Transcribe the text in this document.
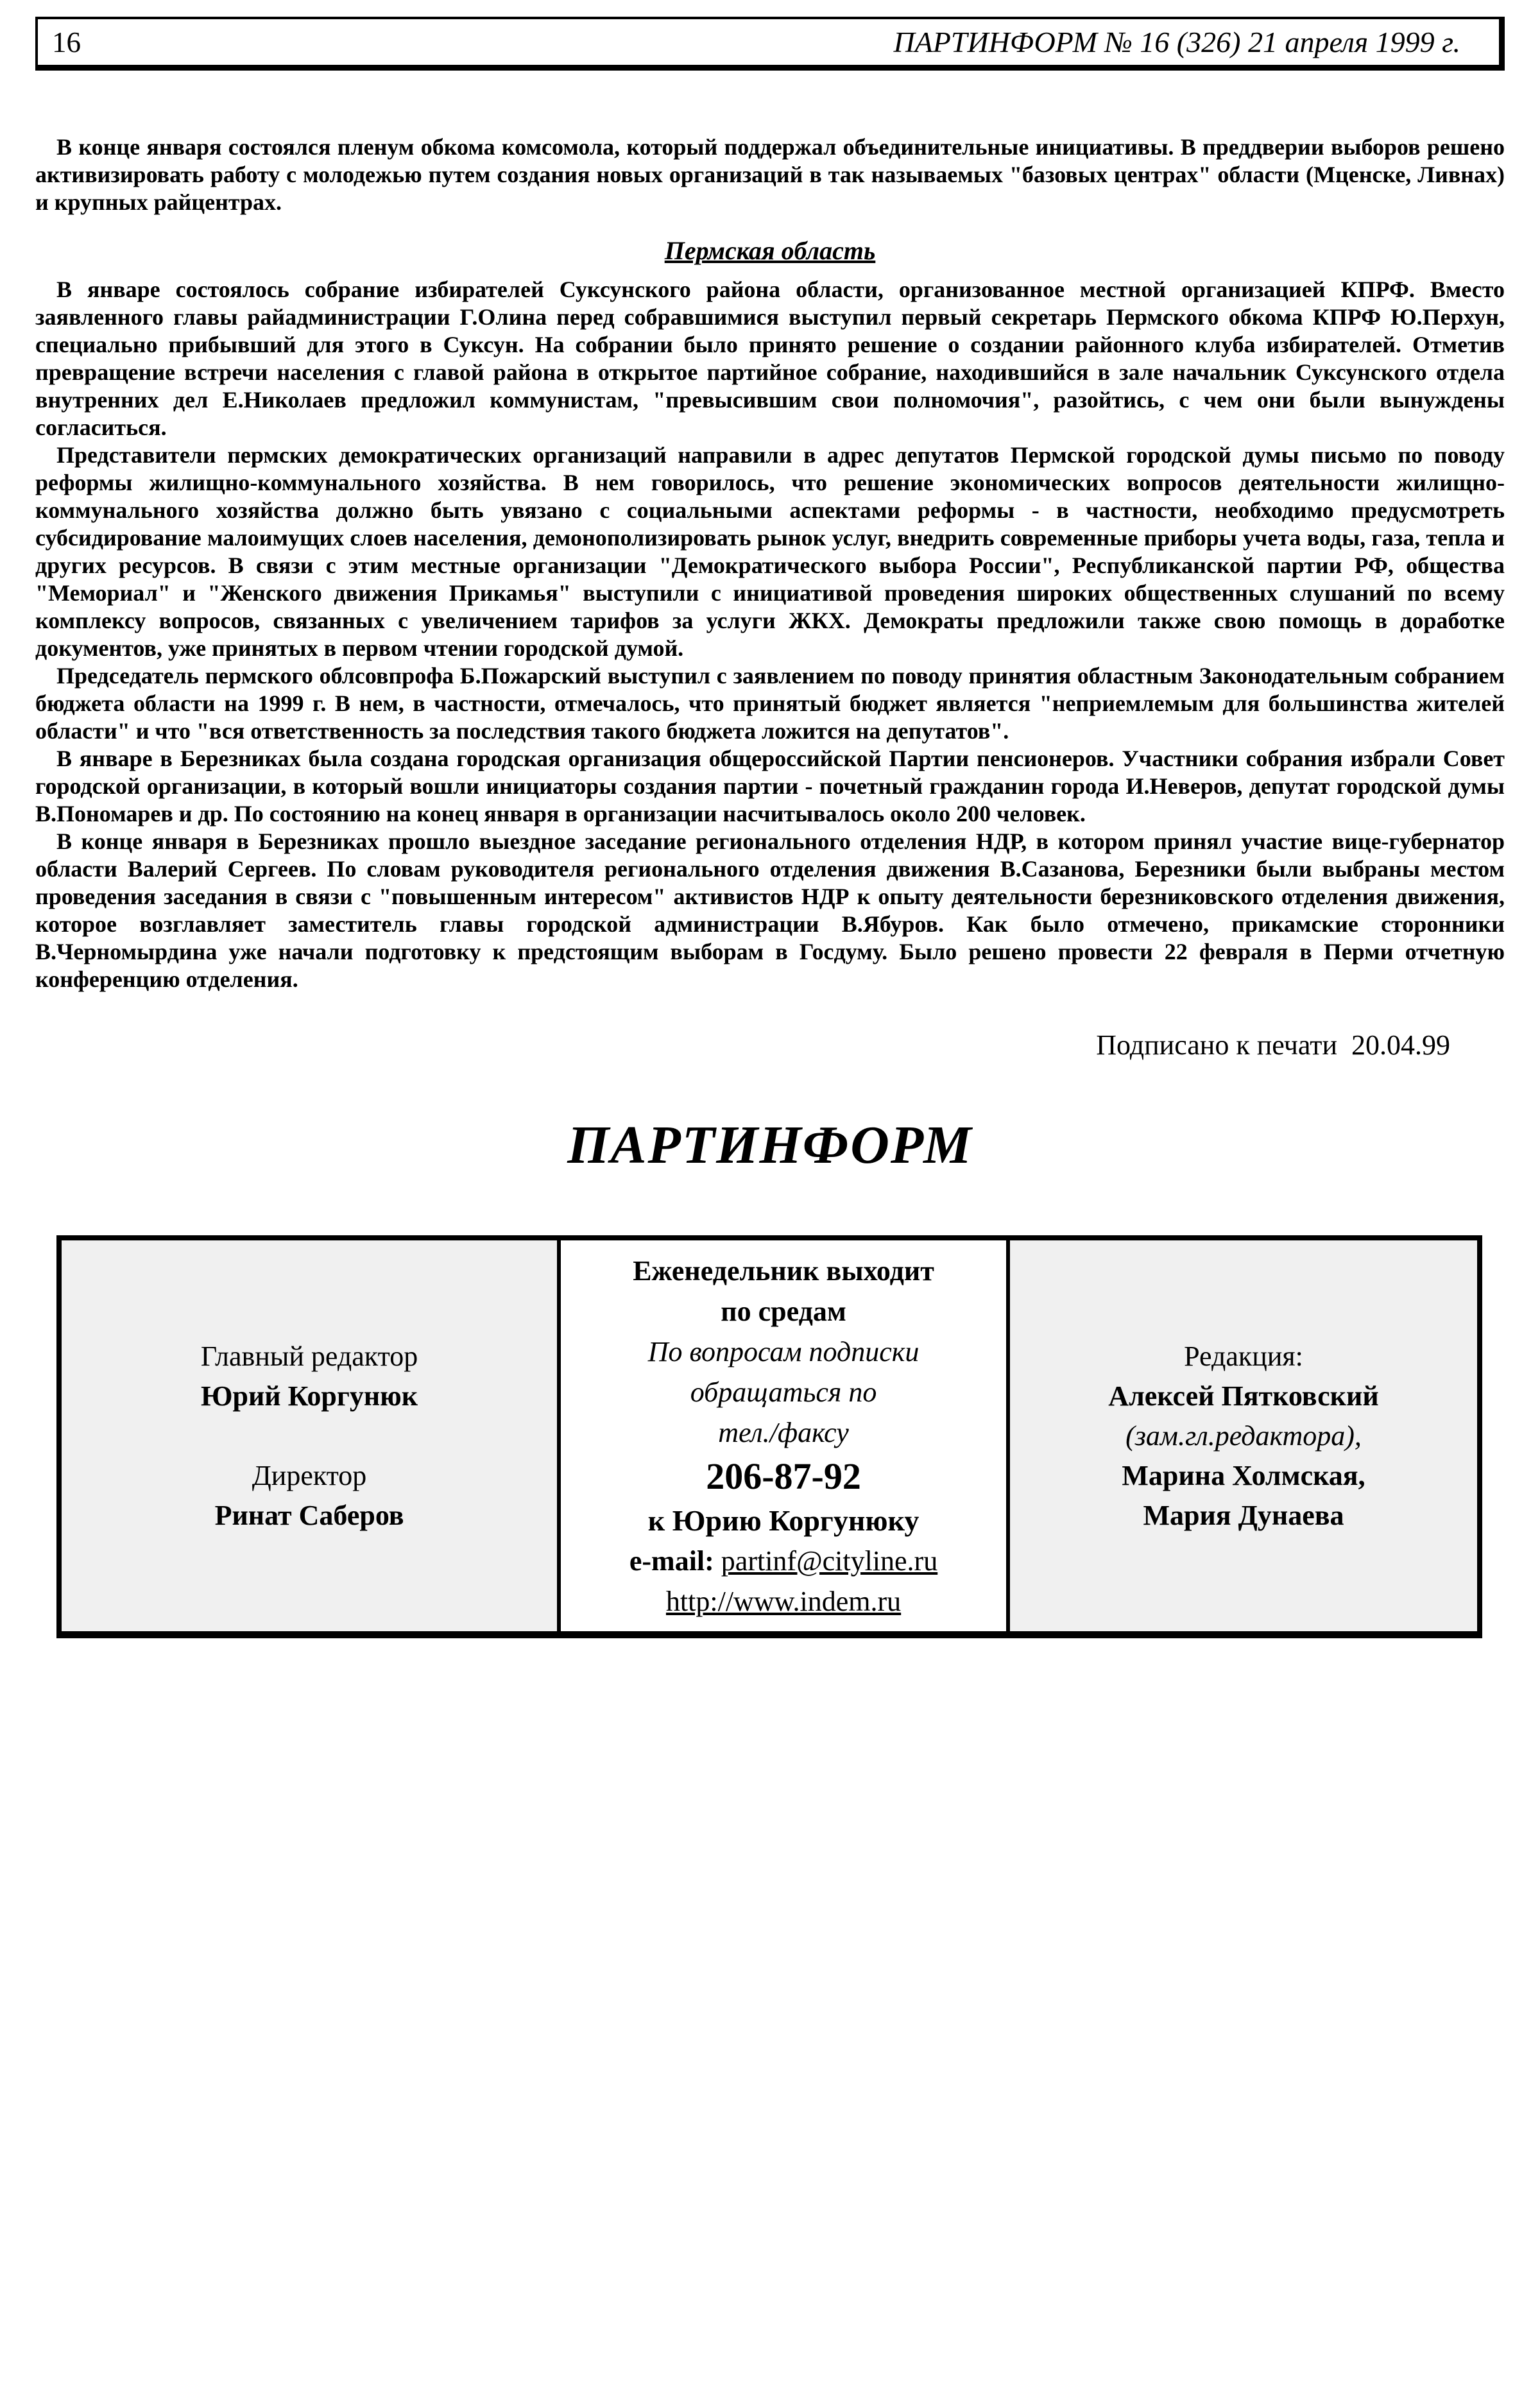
16	ПАРТИНФОРМ № 16 (326) 21 апреля 1999 г.

В конце января состоялся пленум обкома комсомола, который поддержал объединительные инициативы. В преддверии выборов решено активизировать работу с молодежью путем создания новых организаций в так называемых "базовых центрах" области (Мценске, Ливнах) и крупных райцентрах.

Пермская область

В январе состоялось собрание избирателей Суксунского района области, организованное местной организацией КПРФ. Вместо заявленного главы райадминистрации Г.Олина перед собравшимися выступил первый секретарь Пермского обкома КПРФ Ю.Перхун, специально прибывший для этого в Суксун. На собрании было принято решение о создании районного клуба избирателей. Отметив превращение встречи населения с главой района в открытое партийное собрание, находившийся в зале начальник Суксунского отдела внутренних дел Е.Николаев предложил коммунистам, "превысившим свои полномочия", разойтись, с чем они были вынуждены согласиться.

Представители пермских демократических организаций направили в адрес депутатов Пермской городской думы письмо по поводу реформы жилищно-коммунального хозяйства. В нем говорилось, что решение экономических вопросов деятельности жилищно-коммунального хозяйства должно быть увязано с социальными аспектами реформы - в частности, необходимо предусмотреть субсидирование малоимущих слоев населения, демонополизировать рынок услуг, внедрить современные приборы учета воды, газа, тепла и других ресурсов. В связи с этим местные организации "Демократического выбора России", Республиканской партии РФ, общества "Мемориал" и "Женского движения Прикамья" выступили с инициативой проведения широких общественных слушаний по всему комплексу вопросов, связанных с увеличением тарифов за услуги ЖКХ. Демократы предложили также свою помощь в доработке документов, уже принятых в первом чтении городской думой.

Председатель пермского облсовпрофа Б.Пожарский выступил с заявлением по поводу принятия областным Законодательным собранием бюджета области на 1999 г. В нем, в частности, отмечалось, что принятый бюджет является "неприемлемым для большинства жителей области" и что "вся ответственность за последствия такого бюджета ложится на депутатов".

В январе в Березниках была создана городская организация общероссийской Партии пенсионеров. Участники собрания избрали Совет городской организации, в который вошли инициаторы создания партии - почетный гражданин города И.Неверов, депутат городской думы В.Пономарев и др. По состоянию на конец января в организации насчитывалось около 200 человек.

В конце января в Березниках прошло выездное заседание регионального отделения НДР, в котором принял участие вице-губернатор области Валерий Сергеев. По словам руководителя регионального отделения движения В.Сазанова, Березники были выбраны местом проведения заседания в связи с "повышенным интересом" активистов НДР к опыту деятельности березниковского отделения движения, которое возглавляет заместитель главы городской администрации В.Ябуров. Как было отмечено, прикамские сторонники В.Черномырдина уже начали подготовку к предстоящим выборам в Госдуму. Было решено провести 22 февраля в Перми отчетную конференцию отделения.

Подписано к печати  20.04.99
ПАРТИНФОРМ
Главный редактор
Юрий Коргунюк
Директор
Ринат Саберов
Еженедельник выходит
по средам
По вопросам подписки
обращаться по
тел./факсу
206-87-92
к Юрию Коргунюку
e-mail: partinf@cityline.ru
http://www.indem.ru
Редакция:
Алексей Пятковский
(зам.гл.редактора),
Марина Холмская,
Мария Дунаева
